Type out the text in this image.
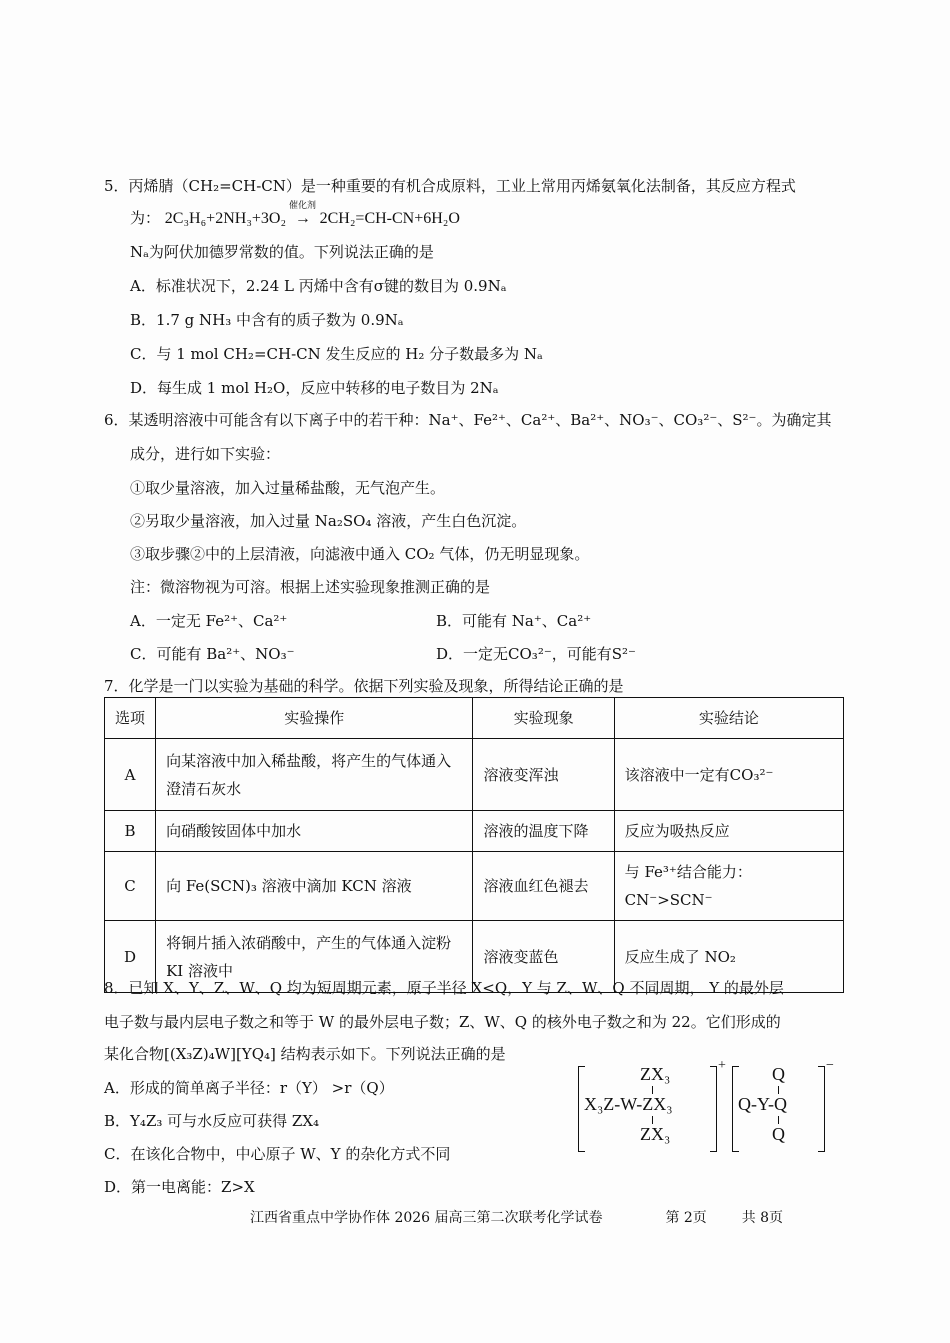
5．丙烯腈（CH₂=CH-CN）是一种重要的有机合成原料，工业上常用丙烯氨氧化法制备，其反应方程式
催化剂
为： 2C₃H₆+2NH₃+3O₂ → 2CH₂=CH-CN+6H₂O
Nₐ为阿伏加德罗常数的值。下列说法正确的是
A．标准状况下，2.24 L 丙烯中含有σ键的数目为 0.9Nₐ
B．1.7 g NH₃ 中含有的质子数为 0.9Nₐ
C．与 1 mol CH₂=CH-CN 发生反应的 H₂ 分子数最多为 Nₐ
D．每生成 1 mol H₂O，反应中转移的电子数目为 2Nₐ
6．某透明溶液中可能含有以下离子中的若干种：Na⁺、Fe²⁺、Ca²⁺、Ba²⁺、NO₃⁻、CO₃²⁻、S²⁻。为确定其
成分，进行如下实验：
①取少量溶液，加入过量稀盐酸，无气泡产生。
②另取少量溶液，加入过量 Na₂SO₄ 溶液，产生白色沉淀。
③取步骤②中的上层清液，向滤液中通入 CO₂ 气体，仍无明显现象。
注：微溶物视为可溶。根据上述实验现象推测正确的是
A．一定无 Fe²⁺、Ca²⁺	B．可能有 Na⁺、Ca²⁺
C．可能有 Ba²⁺、NO₃⁻	D．一定无CO₃²⁻，可能有S²⁻
7．化学是一门以实验为基础的科学。依据下列实验及现象，所得结论正确的是
选项	实验操作	实验现象	实验结论
A	向某溶液中加入稀盐酸，将产生的气体通入澄清石灰水	溶液变浑浊	该溶液中一定有CO₃²⁻
B	向硝酸铵固体中加水	溶液的温度下降	反应为吸热反应
C	向 Fe(SCN)₃ 溶液中滴加 KCN 溶液	溶液血红色褪去	与 Fe³⁺结合能力：CN⁻>SCN⁻
D	将铜片插入浓硝酸中，产生的气体通入淀粉 KI 溶液中	溶液变蓝色	反应生成了 NO₂
8．已知 X、Y、Z、W、Q 均为短周期元素，原子半径 X<Q，Y 与 Z、W、Q 不同周期， Y 的最外层
电子数与最内层电子数之和等于 W 的最外层电子数；Z、W、Q 的核外电子数之和为 22。它们形成的
某化合物[(X₃Z)₄W][YQ₄] 结构表示如下。下列说法正确的是
A．形成的简单离子半径：r（Y） >r（Q）
B．Y₄Z₃ 可与水反应可获得 ZX₄
C．在该化合物中，中心原子 W、Y 的杂化方式不同
D．第一电离能：Z>X
ZX₃
X₃Z-W-ZX₃
ZX₃
+	Q
Q-Y-Q
Q
−
江西省重点中学协作体 2026 届高三第二次联考化学试卷	第 2页 共 8页
